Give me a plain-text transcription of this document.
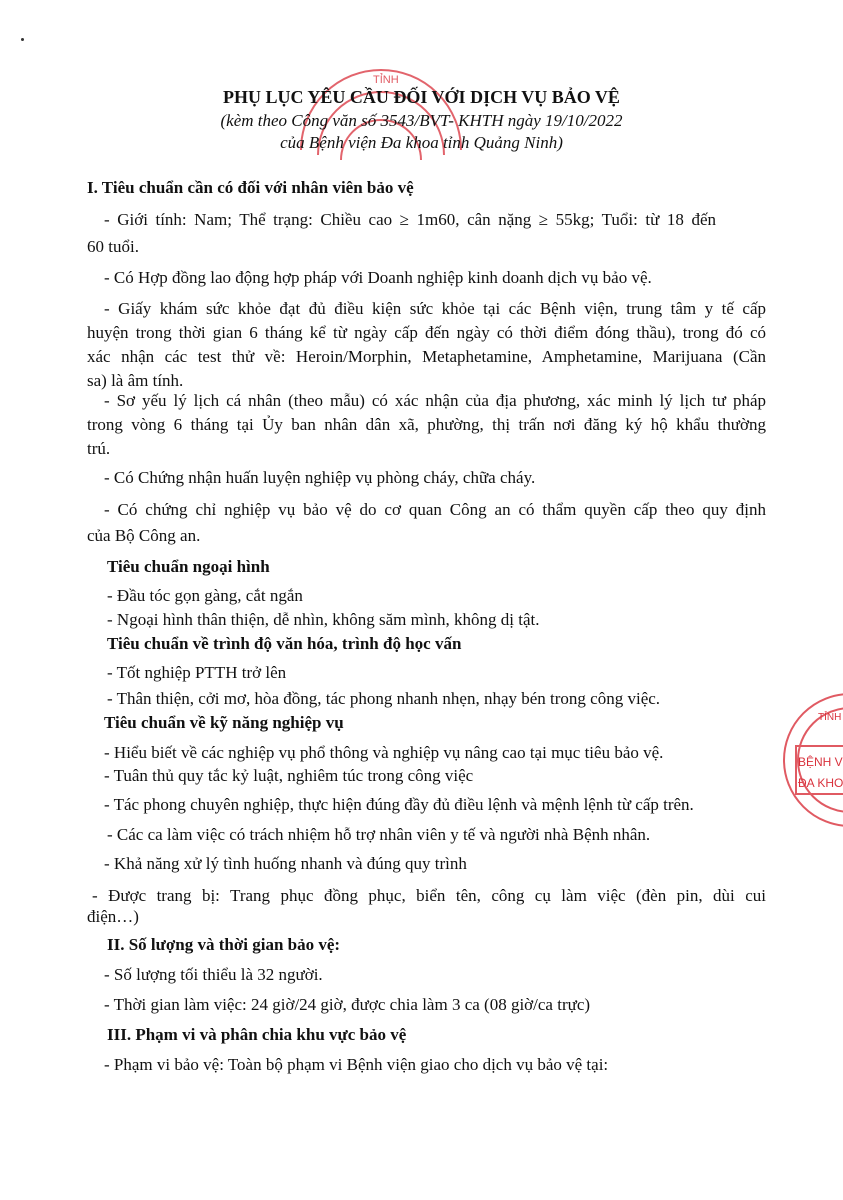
TỈNH
TỈNH
BỆNH V
ĐA KHO
PHỤ LỤC YÊU CẦU ĐỐI VỚI DỊCH VỤ BẢO VỆ
(kèm theo Công văn số 3543/BVT- KHTH ngày 19/10/2022
của Bệnh viện Đa khoa tỉnh Quảng Ninh)
I. Tiêu chuẩn cần có đối với nhân viên bảo vệ
- Giới tính: Nam; Thể trạng: Chiều cao ≥ 1m60, cân nặng ≥ 55kg; Tuổi: từ 18 đến
60 tuổi.
- Có Hợp đồng lao động hợp pháp với Doanh nghiệp kinh doanh dịch vụ bảo vệ.
- Giấy khám sức khỏe đạt đủ điều kiện sức khỏe tại các Bệnh viện, trung tâm y tế cấp
huyện trong thời gian 6 tháng kể từ ngày cấp đến ngày có thời điểm đóng thầu), trong đó có
xác nhận các test thử về: Heroin/Morphin, Metaphetamine, Amphetamine, Marijuana (Cần
sa) là âm tính.
- Sơ yếu lý lịch cá nhân (theo mẫu) có xác nhận của địa phương, xác minh lý lịch tư pháp
trong vòng 6 tháng tại Ủy ban nhân dân xã, phường, thị trấn nơi đăng ký hộ khẩu thường
trú.
- Có Chứng nhận huấn luyện nghiệp vụ phòng cháy, chữa cháy.
- Có chứng chỉ nghiệp vụ bảo vệ do cơ quan Công an có thẩm quyền cấp theo quy định
của Bộ Công an.
Tiêu chuẩn ngoại hình
- Đầu tóc gọn gàng, cắt ngắn
- Ngoại hình thân thiện, dễ nhìn, không săm mình, không dị tật.
Tiêu chuẩn về trình độ văn hóa, trình độ học vấn
- Tốt nghiệp PTTH trở lên
- Thân thiện, cởi mơ, hòa đồng, tác phong nhanh nhẹn, nhạy bén trong công việc.
Tiêu chuẩn về kỹ năng nghiệp vụ
- Hiểu biết về các nghiệp vụ phổ thông và nghiệp vụ nâng cao tại mục tiêu bảo vệ.
- Tuân thủ quy tắc kỷ luật, nghiêm túc trong công việc
- Tác phong chuyên nghiệp, thực hiện đúng đầy đủ điều lệnh và mệnh lệnh từ cấp trên.
- Các ca làm việc có trách nhiệm hỗ trợ nhân viên y tế và người nhà Bệnh nhân.
- Khả năng xử lý tình huống nhanh và đúng quy trình
- Được trang bị: Trang phục đồng phục, biển tên, công cụ làm việc (đèn pin, dùi cui
điện…)
II. Số lượng và thời gian bảo vệ:
- Số lượng tối thiểu là 32 người.
- Thời gian làm việc: 24 giờ/24 giờ, được chia làm 3 ca (08 giờ/ca trực)
III. Phạm vi và phân chia khu vực bảo vệ
- Phạm vi bảo vệ: Toàn bộ phạm vi Bệnh viện giao cho dịch vụ bảo vệ tại:
